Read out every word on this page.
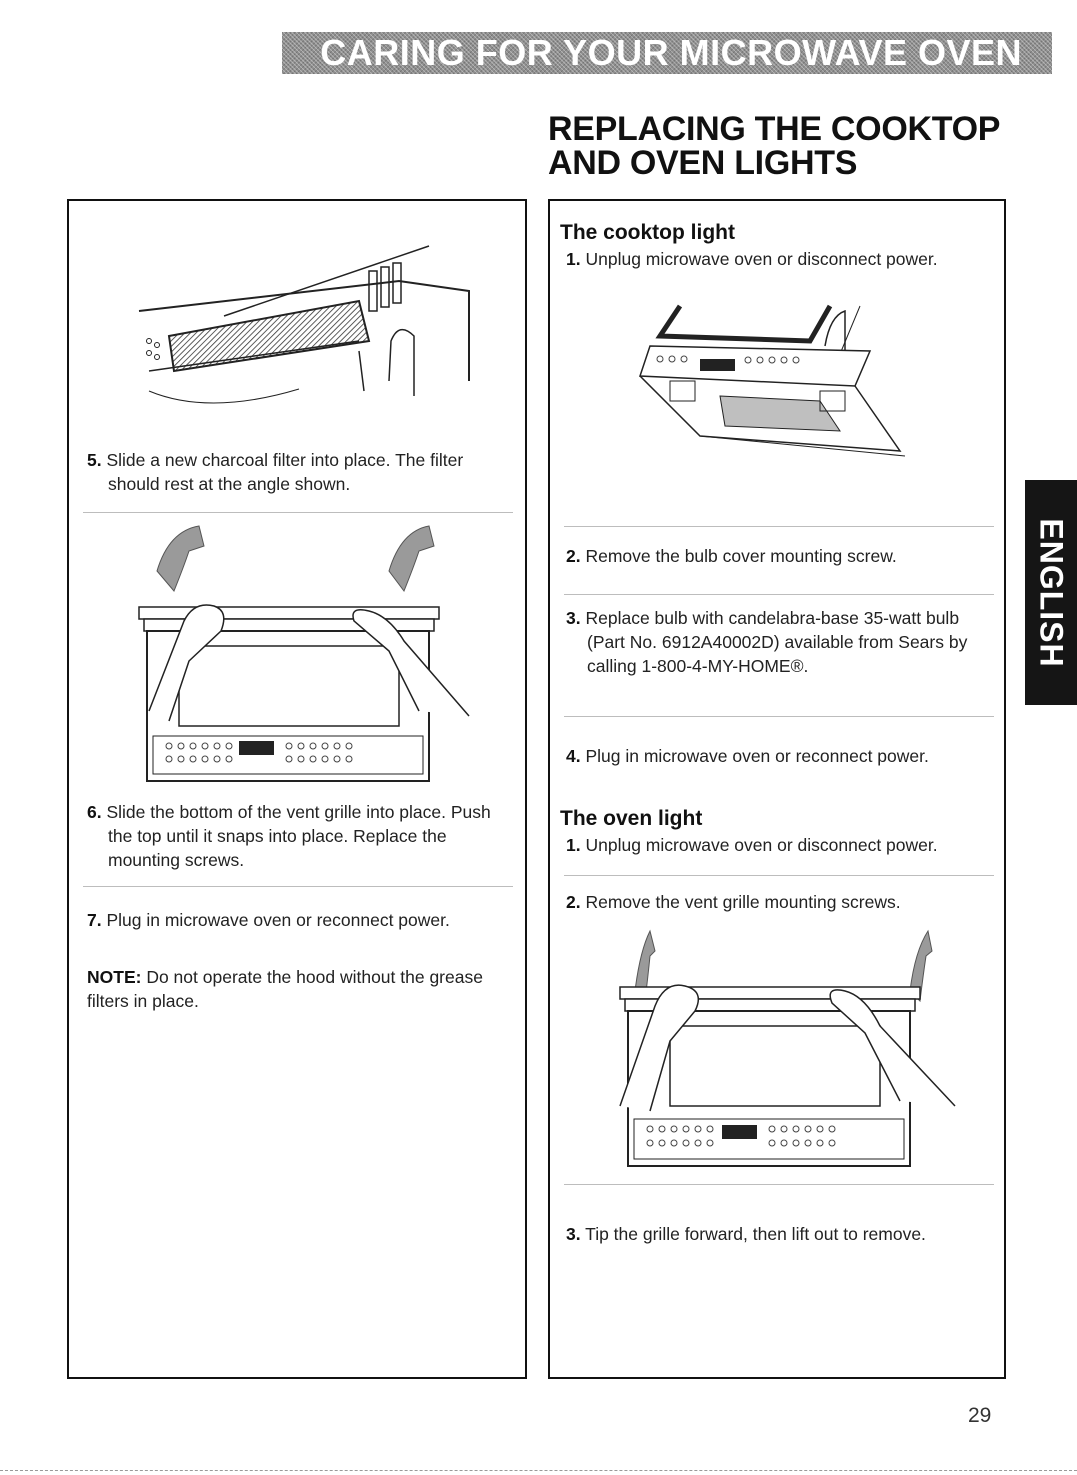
CARING FOR YOUR MICROWAVE OVEN
REPLACING THE COOKTOP
AND OVEN LIGHTS
5. Slide a new charcoal filter into place. The filter
should rest at the angle shown.
6. Slide the bottom of the vent grille into place. Push
the top until it snaps into place. Replace the
mounting screws.
7. Plug in microwave oven or reconnect power.
NOTE: Do not operate the hood without the grease
filters in place.
The cooktop light
1. Unplug microwave oven or disconnect power.
2. Remove the bulb cover mounting screw.
3. Replace bulb with candelabra-base 35-watt bulb
(Part No. 6912A40002D) available from Sears by
calling 1-800-4-MY-HOME®.
4. Plug in microwave oven or reconnect power.
The oven light
1. Unplug microwave oven or disconnect power.
2. Remove the vent grille mounting screws.
3. Tip the grille forward, then lift out to remove.
ENGLISH
29
